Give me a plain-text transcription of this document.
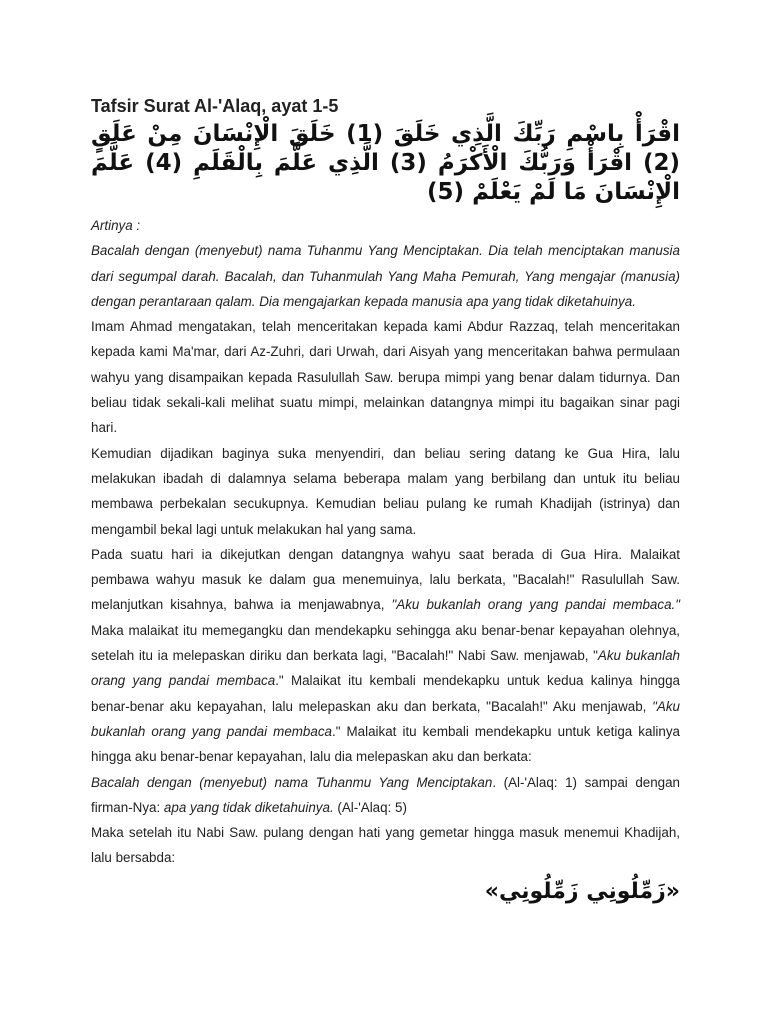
Tafsir Surat Al-'Alaq, ayat 1-5

اقْرَأْ بِاسْمِ رَبِّكَ الَّذِي خَلَقَ (1) خَلَقَ الْإِنْسَانَ مِنْ عَلَقٍ (2) اقْرَأْ وَرَبُّكَ الْأَكْرَمُ (3) الَّذِي عَلَّمَ بِالْقَلَمِ (4) عَلَّمَ الْإِنْسَانَ مَا لَمْ يَعْلَمْ (5)

Artinya :

Bacalah dengan (menyebut) nama Tuhanmu Yang Menciptakan. Dia telah menciptakan manusia dari segumpal darah. Bacalah, dan Tuhanmulah Yang Maha Pemurah, Yang mengajar (manusia) dengan perantaraan qalam. Dia mengajarkan kepada manusia apa yang tidak diketahuinya.

Imam Ahmad mengatakan, telah menceritakan kepada kami Abdur Razzaq, telah menceritakan kepada kami Ma'mar, dari Az-Zuhri, dari Urwah, dari Aisyah yang menceritakan bahwa permulaan wahyu yang disampaikan kepada Rasulullah Saw. berupa mimpi yang benar dalam tidurnya. Dan beliau tidak sekali-kali melihat suatu mimpi, melainkan datangnya mimpi itu bagaikan sinar pagi hari.

Kemudian dijadikan baginya suka menyendiri, dan beliau sering datang ke Gua Hira, lalu melakukan ibadah di dalamnya selama beberapa malam yang berbilang dan untuk itu beliau membawa perbekalan secukupnya. Kemudian beliau pulang ke rumah Khadijah (istrinya) dan mengambil bekal lagi untuk melakukan hal yang sama.

Pada suatu hari ia dikejutkan dengan datangnya wahyu saat berada di Gua Hira. Malaikat pembawa wahyu masuk ke dalam gua menemuinya, lalu berkata, "Bacalah!" Rasulullah Saw. melanjutkan kisahnya, bahwa ia menjawabnya, "Aku bukanlah orang yang pandai membaca." Maka malaikat itu memegangku dan mendekapku sehingga aku benar-benar kepayahan olehnya, setelah itu ia melepaskan diriku dan berkata lagi, "Bacalah!" Nabi Saw. menjawab, "Aku bukanlah orang yang pandai membaca." Malaikat itu kembali mendekapku untuk kedua kalinya hingga benar-benar aku kepayahan, lalu melepaskan aku dan berkata, "Bacalah!" Aku menjawab, "Aku bukanlah orang yang pandai membaca." Malaikat itu kembali mendekapku untuk ketiga kalinya hingga aku benar-benar kepayahan, lalu dia melepaskan aku dan berkata:

Bacalah dengan (menyebut) nama Tuhanmu Yang Menciptakan. (Al-'Alaq: 1) sampai dengan firman-Nya: apa yang tidak diketahuinya. (Al-'Alaq: 5)

Maka setelah itu Nabi Saw. pulang dengan hati yang gemetar hingga masuk menemui Khadijah, lalu bersabda:

«زَمِّلُونِي زَمِّلُونِي»
